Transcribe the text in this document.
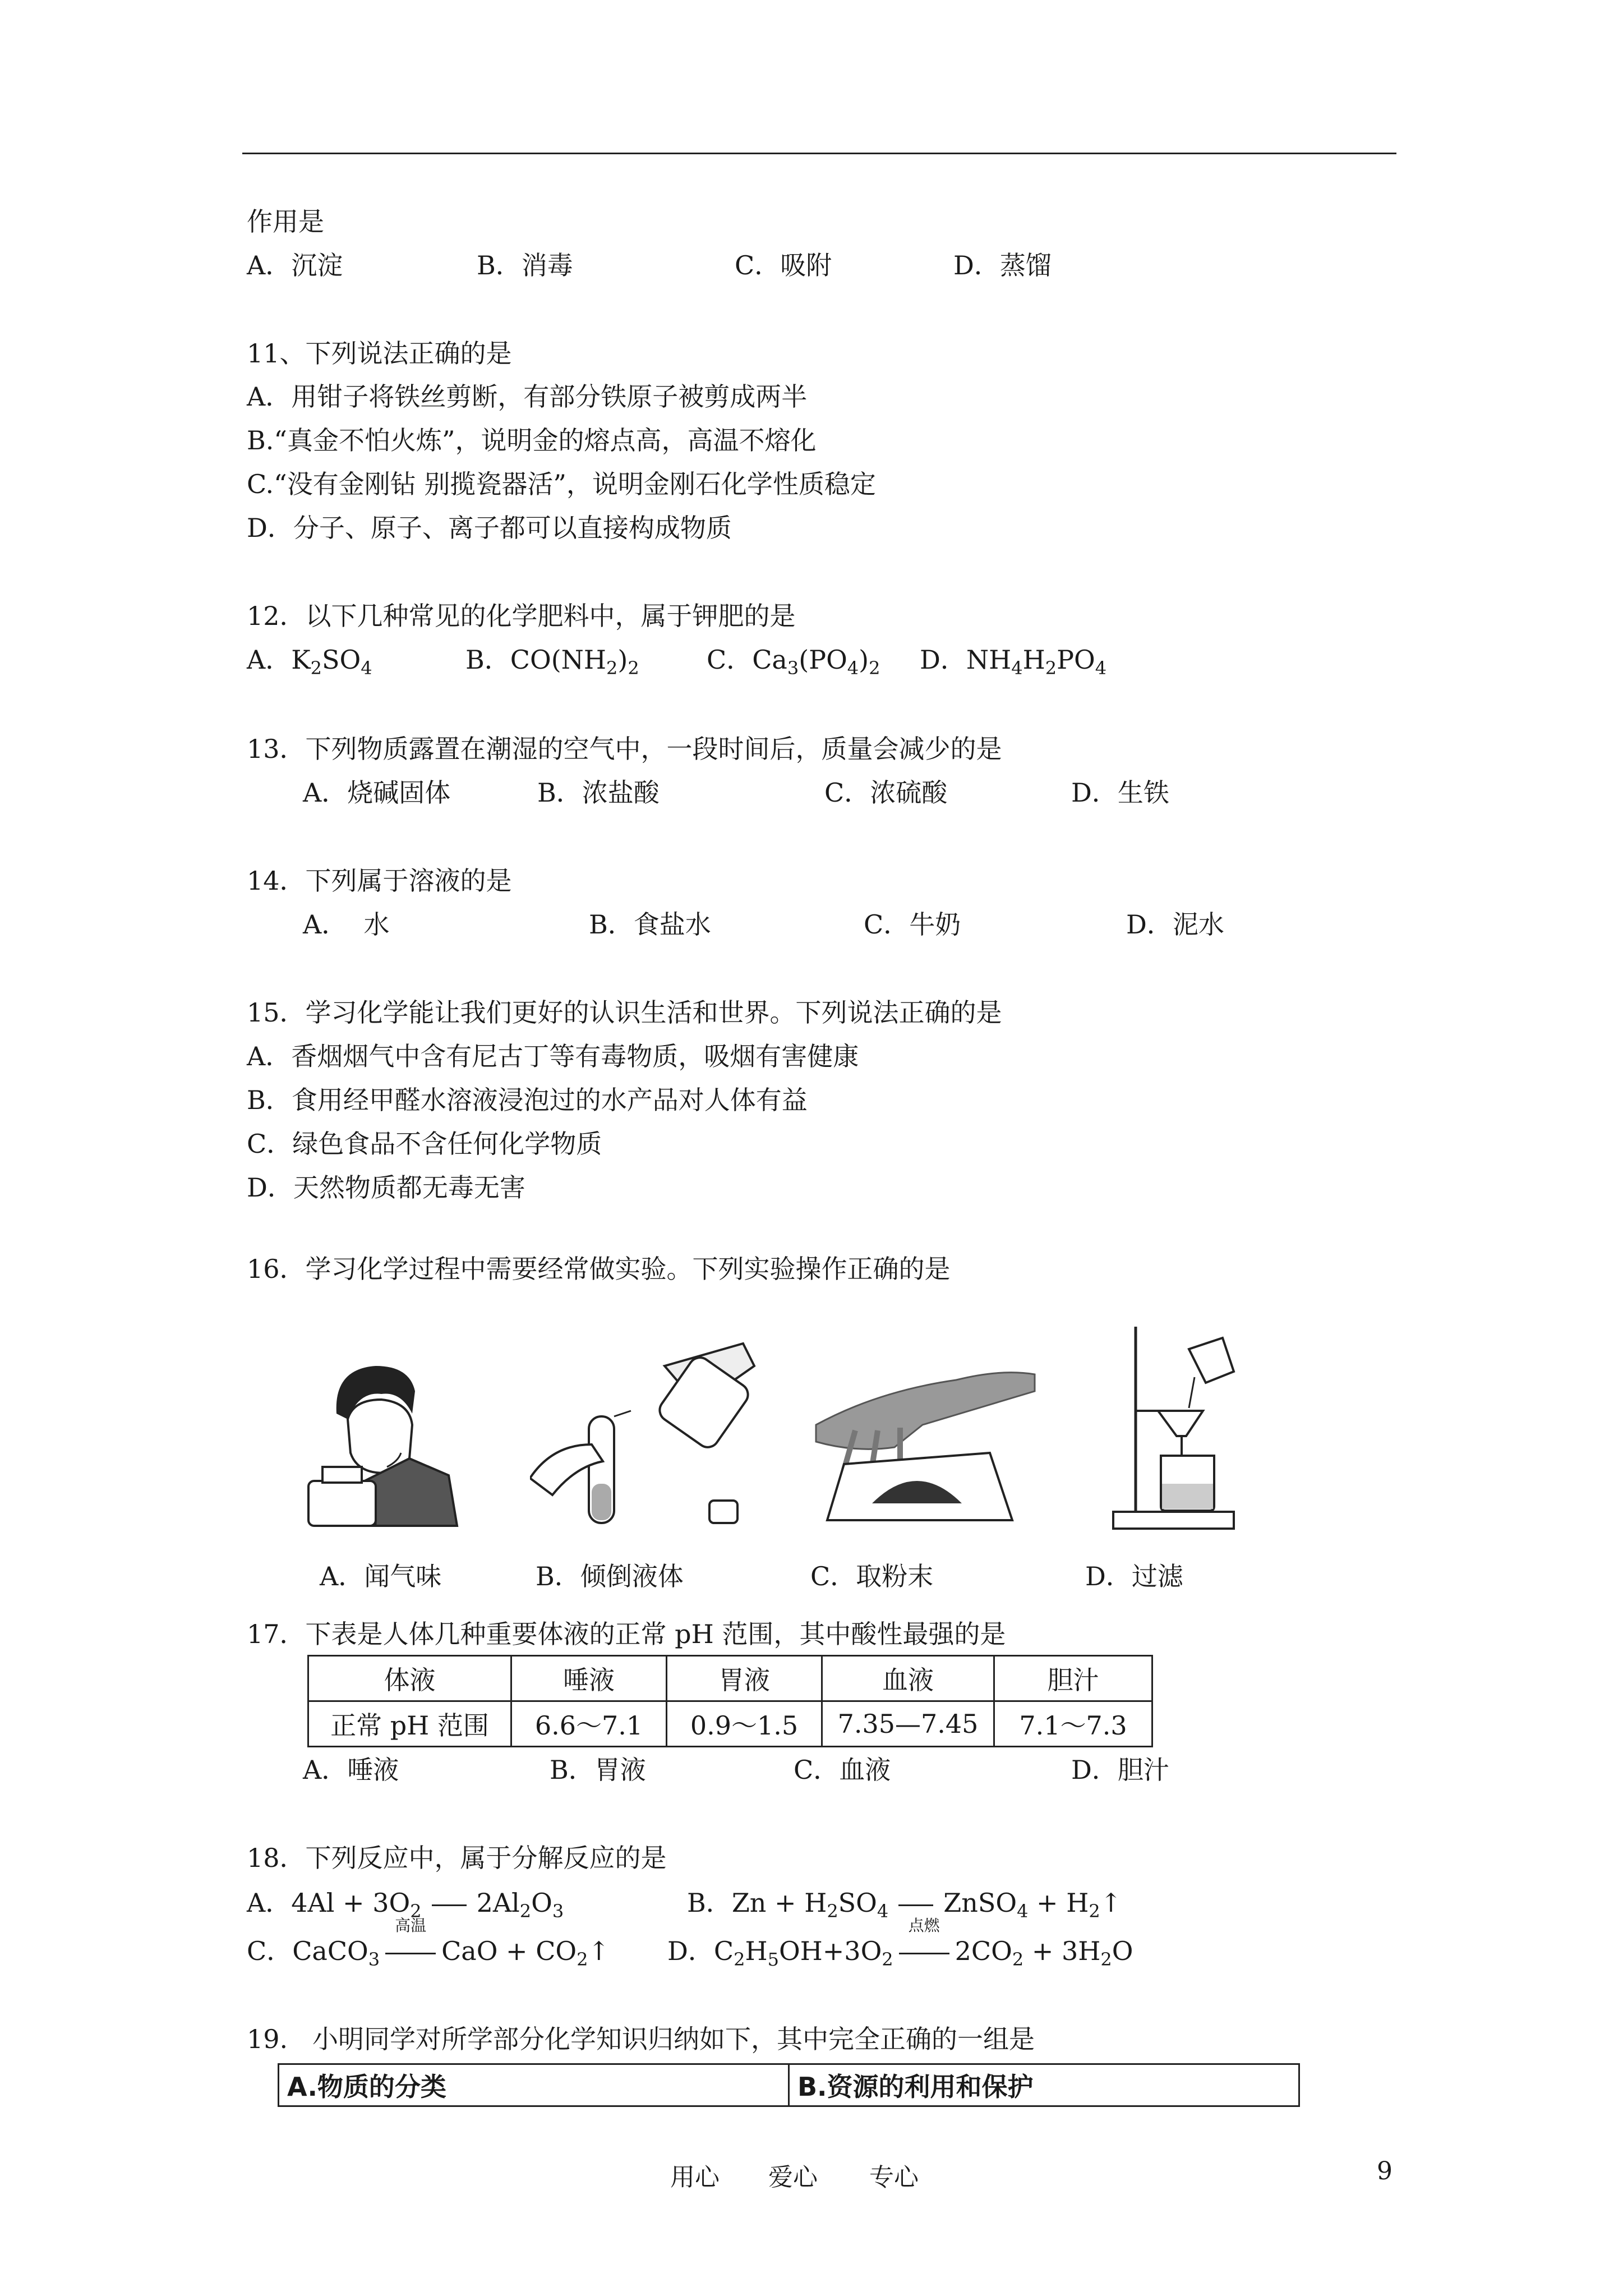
作用是

A．沉淀

	B．消毒

	C．吸附

	D．蒸馏

11、下列说法正确的是
A．用钳子将铁丝剪断，有部分铁原子被剪成两半
B.“真金不怕火炼”，说明金的熔点高，高温不熔化
C.“没有金刚钻 别揽瓷器活”，说明金刚石化学性质稳定
D．分子、原子、离子都可以直接构成物质
12．以下几种常见的化学肥料中，属于钾肥的是

A．$K_2SO_4$

	B．$CO(NH_2)_2$

	C．$Ca_3(PO_4)_2$

D．$NH_4H_2PO_4$

13．下列物质露置在潮湿的空气中，一段时间后，质量会减少的是

A．烧碱固体

	B．浓盐酸

	C．浓硫酸

	D．生铁

14．下列属于溶液的是

A．  水

	B．食盐水

	C．牛奶

	D．泥水

15．学习化学能让我们更好的认识生活和世界。下列说法正确的是
A．香烟烟气中含有尼古丁等有毒物质，吸烟有害健康
B．食用经甲醛水溶液浸泡过的水产品对人体有益
C．绿色食品不含任何化学物质
D．天然物质都无毒无害
16．学习化学过程中需要经常做实验。下列实验操作正确的是
A．闻气味	B．倾倒液体	C．取粉末	D．过滤
17．下表是人体几种重要体液的正常 pH 范围，其中酸性最强的是
体液	唾液	胃液	血液	胆汁
正常 pH 范围	6.6～7.1	0.9～1.5	7.35—7.45	7.1～7.3

A．唾液

	B．胃液

	C．血液

	D．胆汁

18．下列反应中，属于分解反应的是
A．$4Al + 3O_2$ $2Al_2O_3$	B．$Zn + H_2SO_4$ ZnSO$_4$ + $H_2$ ↑
C．CaCO$_3$
高温
CaO + $CO_2$ ↑	D．$C_2H_5OH+3O_2$
点燃
$2CO_2 + 3H_2O$
19.   小明同学对所学部分化学知识归纳如下，其中完全正确的一组是
A.物质的分类	B.资源的利用和保护
用心 爱心 专心	9
